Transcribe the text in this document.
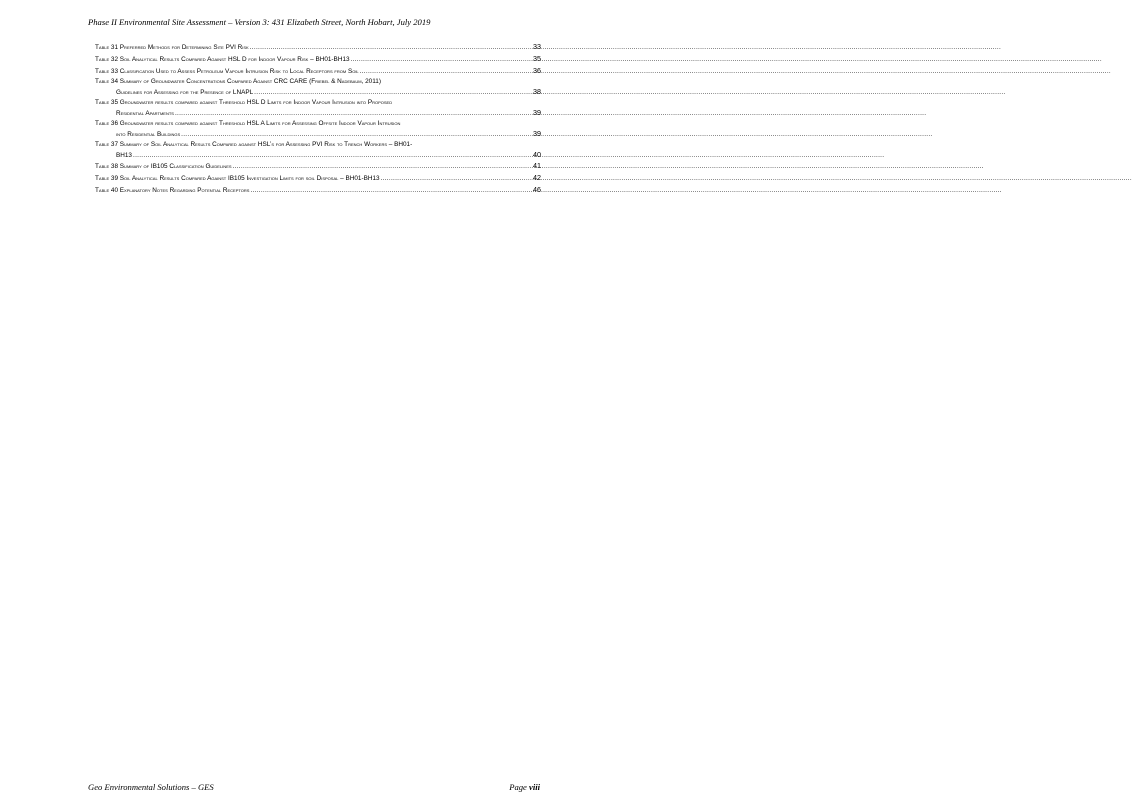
Phase II Environmental Site Assessment – Version 3: 431 Elizabeth Street, North Hobart, July 2019
Table 31 Preferred Methods for Determining Site PVI Risk .....	33
Table 32 Soil Analytical Results Compared Against HSL D for Indoor Vapour Risk – BH01-BH13 .....	35
Table 33 Classification Used to Assess Petroleum Vapour Intrusion Risk to Local Receptors from Soil .....	36
Table 34 Summary of Groundwater Concentrations Compared Against CRC CARE (Friebel & Nadebaum, 2011)
Guidelines for Assessing for the Presence of LNAPL .....	38
Table 35 Groundwater results compared against Threshold HSL D Limits for Indoor Vapour Intrusion into Proposed
Residential Apartments .....	39
Table 36 Groundwater results compared against Threshold HSL A Limits for Assessing Offsite Indoor Vapour Intrusion
into Residential Buildings .....	39
Table 37 Summary of Soil Analytical Results Compared against HSL’s for Assessing PVI Risk to Trench Workers – BH01-
BH13 .....	40
Table 38 Summary of IB105 Classification Guidelines .....	41
Table 39 Soil Analytical Results Compared Against IB105 Investigation Limits for soil Disposal – BH01-BH13 .....	42
Table 40 Explanatory Notes Regarding Potential Receptors .....	46
Geo Environmental Solutions – GES	Page viii
